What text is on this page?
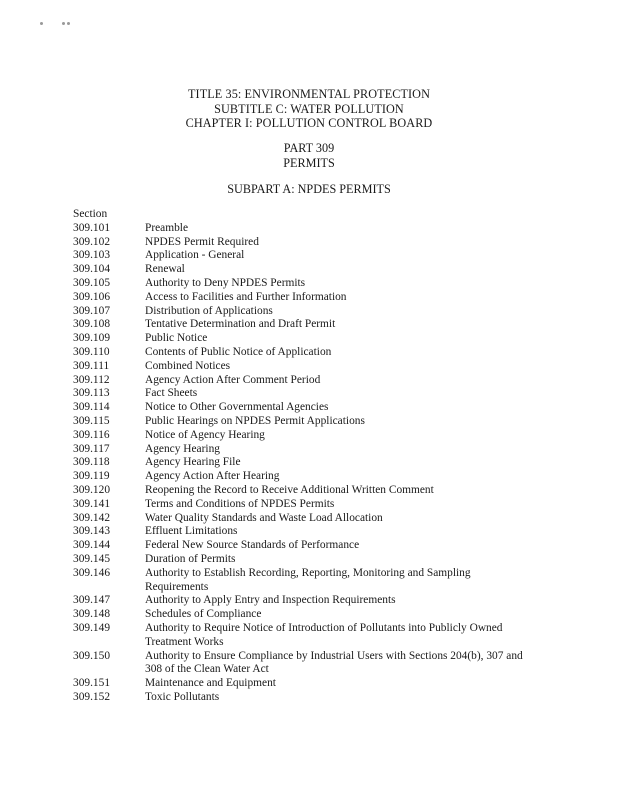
TITLE 35: ENVIRONMENTAL PROTECTION
SUBTITLE C: WATER POLLUTION
CHAPTER I: POLLUTION CONTROL BOARD
PART 309
PERMITS
SUBPART A: NPDES PERMITS
Section
309.101	Preamble
309.102	NPDES Permit Required
309.103	Application - General
309.104	Renewal
309.105	Authority to Deny NPDES Permits
309.106	Access to Facilities and Further Information
309.107	Distribution of Applications
309.108	Tentative Determination and Draft Permit
309.109	Public Notice
309.110	Contents of Public Notice of Application
309.111	Combined Notices
309.112	Agency Action After Comment Period
309.113	Fact Sheets
309.114	Notice to Other Governmental Agencies
309.115	Public Hearings on NPDES Permit Applications
309.116	Notice of Agency Hearing
309.117	Agency Hearing
309.118	Agency Hearing File
309.119	Agency Action After Hearing
309.120	Reopening the Record to Receive Additional Written Comment
309.141	Terms and Conditions of NPDES Permits
309.142	Water Quality Standards and Waste Load Allocation
309.143	Effluent Limitations
309.144	Federal New Source Standards of Performance
309.145	Duration of Permits
309.146	Authority to Establish Recording, Reporting, Monitoring and Sampling Requirements
309.147	Authority to Apply Entry and Inspection Requirements
309.148	Schedules of Compliance
309.149	Authority to Require Notice of Introduction of Pollutants into Publicly Owned Treatment Works
309.150	Authority to Ensure Compliance by Industrial Users with Sections 204(b), 307 and 308 of the Clean Water Act
309.151	Maintenance and Equipment
309.152	Toxic Pollutants
